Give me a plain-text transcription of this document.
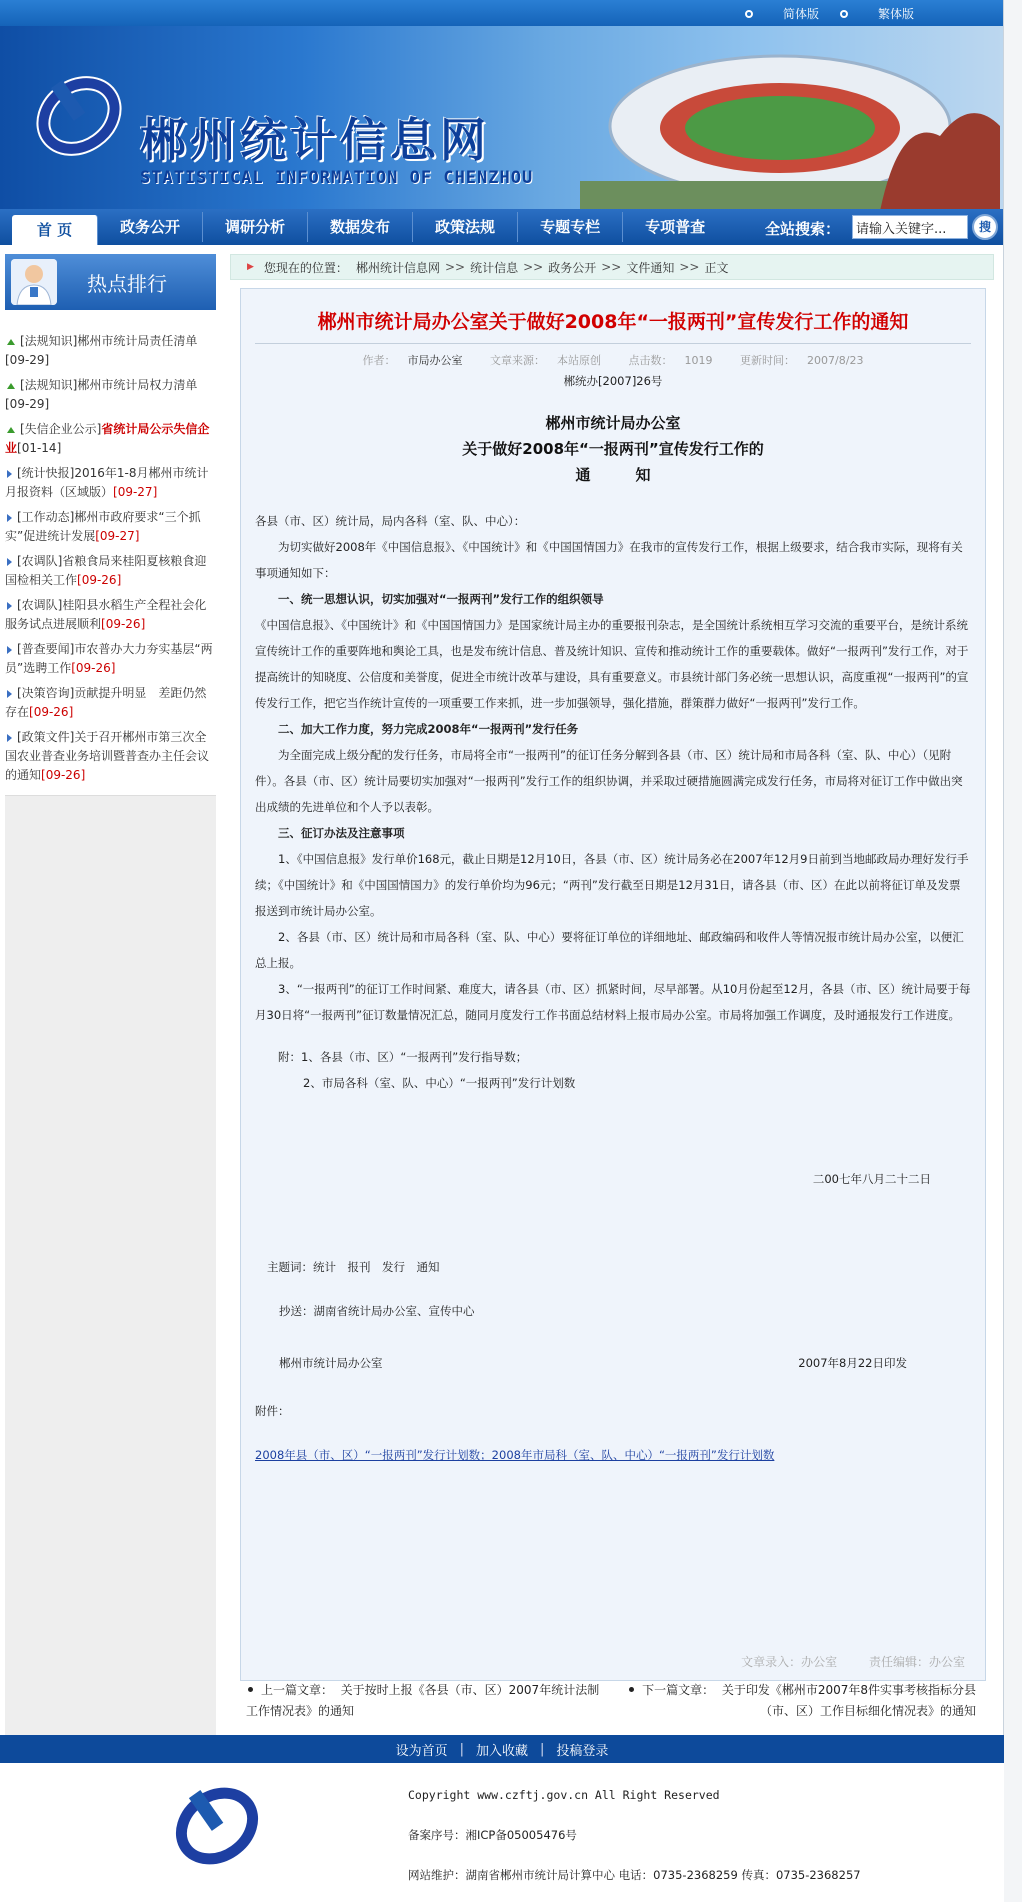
简体版	繁体版
郴州统计信息网
STATISTICAL INFORMATION OF CHENZHOU
首 页	政务公开	调研分析	数据发布	政策法规	专题专栏	专项普查	全站搜索：
请输入关键字...	搜
热点排行
[法规知识]郴州市统计局责任清单
[09-29]
[法规知识]郴州市统计局权力清单
[09-29]
[失信企业公示]省统计局公示失信企业[01-14]
[统计快报]2016年1-8月郴州市统计月报资料（区域版）[09-27]
[工作动态]郴州市政府要求“三个抓实”促进统计发展[09-27]
[农调队]省粮食局来桂阳夏核粮食迎国检相关工作[09-26]
[农调队]桂阳县水稻生产全程社会化服务试点进展顺利[09-26]
[普查要闻]市农普办大力夯实基层“两员”选聘工作[09-26]
[决策咨询]贡献提升明显　差距仍然存在[09-26]
[政策文件]关于召开郴州市第三次全国农业普查业务培训暨普查办主任会议的通知[09-26]
▶ 您现在的位置： 郴州统计信息网 >> 统计信息 >> 政务公开 >> 文件通知 >> 正文
郴州市统计局办公室关于做好2008年“一报两刊”宣传发行工作的通知
作者： 市局办公室	文章来源： 本站原创	点击数： 1019	更新时间： 2007/8/23
郴统办[2007]26号
郴州市统计局办公室
关于做好2008年“一报两刊”宣传发行工作的
通　　　知

各县（市、区）统计局，局内各科（室、队、中心）：

为切实做好2008年《中国信息报》、《中国统计》和《中国国情国力》在我市的宣传发行工作，根据上级要求，结合我市实际，现将有关事项通知如下：

一、统一思想认识，切实加强对“一报两刊”发行工作的组织领导

《中国信息报》、《中国统计》和《中国国情国力》是国家统计局主办的重要报刊杂志，是全国统计系统相互学习交流的重要平台，是统计系统宣传统计工作的重要阵地和舆论工具，也是发布统计信息、普及统计知识、宣传和推动统计工作的重要载体。做好“一报两刊”发行工作，对于提高统计的知晓度、公信度和美誉度，促进全市统计改革与建设，具有重要意义。市县统计部门务必统一思想认识，高度重视“一报两刊”的宣传发行工作，把它当作统计宣传的一项重要工作来抓，进一步加强领导，强化措施，群策群力做好“一报两刊”发行工作。

二、加大工作力度，努力完成2008年“一报两刊”发行任务

为全面完成上级分配的发行任务，市局将全市“一报两刊”的征订任务分解到各县（市、区）统计局和市局各科（室、队、中心）（见附件）。各县（市、区）统计局要切实加强对“一报两刊”发行工作的组织协调，并采取过硬措施圆满完成发行任务，市局将对征订工作中做出突出成绩的先进单位和个人予以表彰。

三、征订办法及注意事项

1、《中国信息报》发行单价168元，截止日期是12月10日，各县（市、区）统计局务必在2007年12月9日前到当地邮政局办理好发行手续；《中国统计》和《中国国情国力》的发行单价均为96元；“两刊”发行截至日期是12月31日，请各县（市、区）在此以前将征订单及发票报送到市统计局办公室。

2、各县（市、区）统计局和市局各科（室、队、中心）要将征订单位的详细地址、邮政编码和收件人等情况报市统计局办公室，以便汇总上报。

3、“一报两刊”的征订工作时间紧、难度大，请各县（市、区）抓紧时间，尽早部署。从10月份起至12月，各县（市、区）统计局要于每月30日将“一报两刊”征订数量情况汇总，随同月度发行工作书面总结材料上报市局办公室。市局将加强工作调度，及时通报发行工作进度。

附：1、各县（市、区）“一报两刊”发行指导数；

2、市局各科（室、队、中心）“一报两刊”发行计划数

二00七年八月二十二日

主题词：统计　报刊　发行　通知

抄送：湖南省统计局办公室、宣传中心

郴州市统计局办公室	2007年8月22日印发

附件：

2008年县（市、区）“一报两刊”发行计划数；2008年市局科（室、队、中心）“一报两刊”发行计划数

文章录入：办公室	责任编辑：办公室
上一篇文章： 关于按时上报《各县（市、区）2007年统计法制工作情况表》的通知
下一篇文章： 关于印发《郴州市2007年8件实事考核指标分县（市、区）工作目标细化情况表》的通知
设为首页 | 加入收藏 | 投稿登录
Copyright www.czftj.gov.cn All Right Reserved
备案序号：湘ICP备05005476号
网站维护：湖南省郴州市统计局计算中心 电话：0735-2368259 传真：0735-2368257
